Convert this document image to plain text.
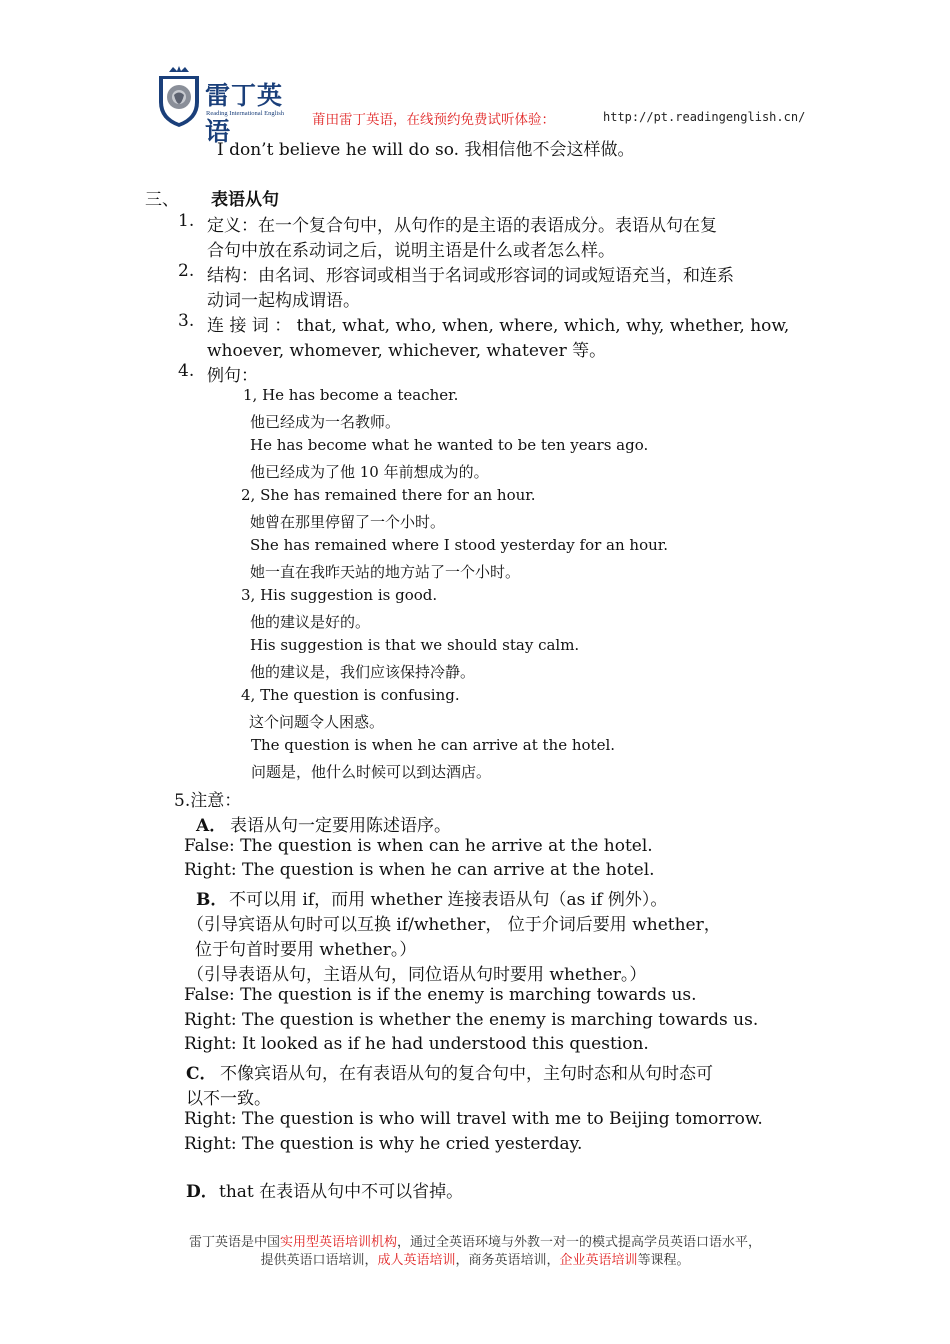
雷丁英语
Reading International English 莆田雷丁英语，在线预约免费试听体验：	http://pt.readingenglish.cn/
I don’t believe he will do so. 我相信他不会这样做。
三、 表语从句
1. 定义：在一个复合句中，从句作的是主语的表语成分。表语从句在复
合句中放在系动词之后，说明主语是什么或者怎么样。
2. 结构：由名词、形容词或相当于名词或形容词的词或短语充当，和连系
动词一起构成谓语。
3. 连 接 词 ： that, what, who, when, where, which, why, whether, how,
whoever, whomever, whichever, whatever 等。
4. 例句：
1, He has become a teacher.
他已经成为一名教师。
He has become what he wanted to be ten years ago.
他已经成为了他 10 年前想成为的。
2, She has remained there for an hour.
她曾在那里停留了一个小时。
She has remained where I stood yesterday for an hour.
她一直在我昨天站的地方站了一个小时。
3, His suggestion is good.
他的建议是好的。
His suggestion is that we should stay calm.
他的建议是，我们应该保持冷静。
4, The question is confusing.
这个问题令人困惑。
The question is when he can arrive at the hotel.
问题是，他什么时候可以到达酒店。
5.注意：
A． 表语从句一定要用陈述语序。
False: The question is when can he arrive at the hotel.
Right: The question is when he can arrive at the hotel.
B． 不可以用 if，而用 whether 连接表语从句（as if 例外）。
（引导宾语从句时可以互换 if/whether， 位于介词后要用 whether，
位于句首时要用 whether。）
（引导表语从句，主语从句，同位语从句时要用 whether。）
False: The question is if the enemy is marching towards us.
Right: The question is whether the enemy is marching towards us.
Right: It looked as if he had understood this question.
C． 不像宾语从句，在有表语从句的复合句中，主句时态和从句时态可
以不一致。
Right: The question is who will travel with me to Beijing tomorrow.
Right: The question is why he cried yesterday.
D． that 在表语从句中不可以省掉。
雷丁英语是中国实用型英语培训机构，通过全英语环境与外教一对一的模式提高学员英语口语水平，
提供英语口语培训，成人英语培训，商务英语培训，企业英语培训等课程。
